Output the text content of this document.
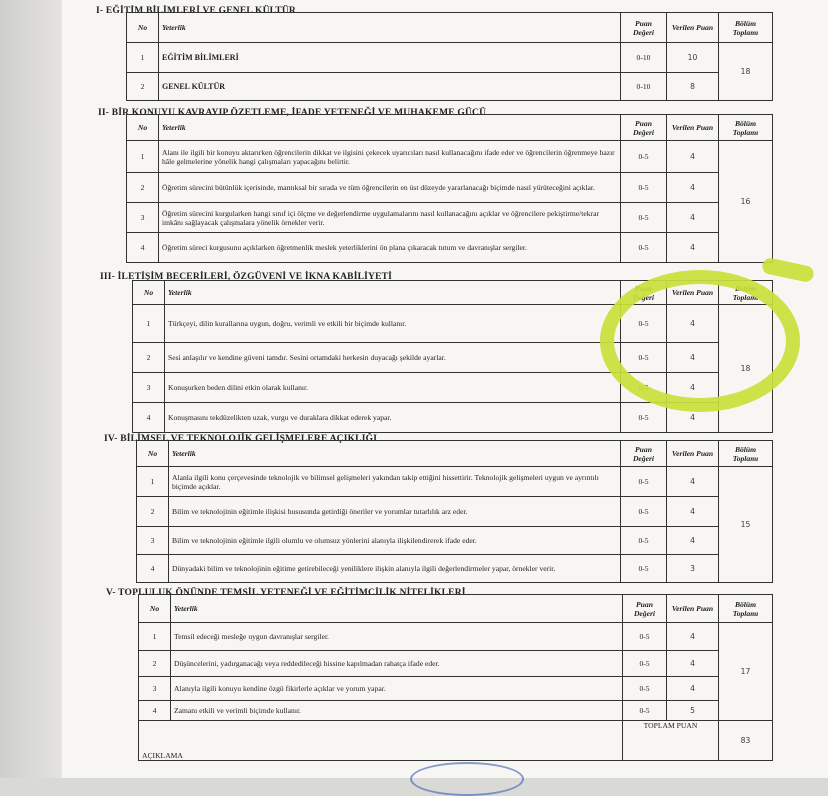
I- EĞİTİM BİLİMLERİ VE GENEL KÜLTÜR
No	Yeterlik	Puan Değeri	Verilen Puan	Bölüm Toplamı
1	EĞİTİM BİLİMLERİ	0-10	10	18
2	GENEL KÜLTÜR	0-10	8	
II- BİR KONUYU KAVRAYIP ÖZETLEME, İFADE YETENEĞİ VE MUHAKEME GÜCÜ
No	Yeterlik	Puan Değeri	Verilen Puan	Bölüm Toplamı
1	Alanı ile ilgili bir konuyu aktarırken öğrencilerin dikkat ve ilgisini çekecek uyarıcıları nasıl kullanacağını ifade eder ve öğrencilerin öğrenmeye hazır hâle gelmelerine yönelik hangi çalışmaları yapacağını belirtir.	0-5	4	16
2	Öğretim sürecini bütünlük içerisinde, mantıksal bir sırada ve tüm öğrencilerin en üst düzeyde yararlanacağı biçimde nasıl yürüteceğini açıklar.	0-5	4	
3	Öğretim sürecini kurgularken hangi sınıf içi ölçme ve değerlendirme uygulamalarını nasıl kullanacağını açıklar ve öğrencilere pekiştirme/tekrar imkânı sağlayacak çalışmalara yönelik örnekler verir.	0-5	4	
4	Öğretim süreci kurgusunu açıklarken öğretmenlik meslek yeterliklerini ön plana çıkaracak tutum ve davranışlar sergiler.	0-5	4	
III- İLETİŞİM BECERİLERİ, ÖZGÜVENİ VE İKNA KABİLİYETİ
No	Yeterlik	Puan Değeri	Verilen Puan	Bölüm Toplamı
1	Türkçeyi, dilin kurallarına uygun, doğru, verimli ve etkili bir biçimde kullanır.	0-5	4	18
2	Sesi anlaşılır ve kendine güveni tamdır. Sesini ortamdaki herkesin duyacağı şekilde ayarlar.	0-5	4	
3	Konuşurken beden dilini etkin olarak kullanır.	0-5	4	
4	Konuşmasını tekdüzelikten uzak, vurgu ve duraklara dikkat ederek yapar.	0-5	4	
IV- BİLİMSEL VE TEKNOLOJİK GELİŞMELERE AÇIKLIĞI
No	Yeterlik	Puan Değeri	Verilen Puan	Bölüm Toplamı
1	Alanla ilgili konu çerçevesinde teknolojik ve bilimsel gelişmeleri yakından takip ettiğini hissettirir. Teknolojik gelişmeleri uygun ve ayrıntılı biçimde açıklar.	0-5	4	15
2	Bilim ve teknolojinin eğitimle ilişkisi hususunda getirdiği öneriler ve yorumlar tutarlılık arz eder.	0-5	4	
3	Bilim ve teknolojinin eğitimle ilgili olumlu ve olumsuz yönlerini alanıyla ilişkilendirerek ifade eder.	0-5	4	
4	Dünyadaki bilim ve teknolojinin eğitime getirebileceği yeniliklere ilişkin alanıyla ilgili değerlendirmeler yapar, örnekler verir.	0-5	3	
V- TOPLULUK ÖNÜNDE TEMSİL YETENEĞİ VE EĞİTİMCİLİK NİTELİKLERİ
No	Yeterlik	Puan Değeri	Verilen Puan	Bölüm Toplamı
1	Temsil edeceği mesleğe uygun davranışlar sergiler.	0-5	4	17
2	Düşüncelerini, yadırganacağı veya reddedileceği hissine kapılmadan rahatça ifade eder.	0-5	4	
3	Alanıyla ilgili konuyu kendine özgü fikirlerle açıklar ve yorum yapar.	0-5	4	
4	Zamanı etkili ve verimli biçimde kullanır.	0-5	5	
AÇIKLAMA		TOPLAM PUAN		83
